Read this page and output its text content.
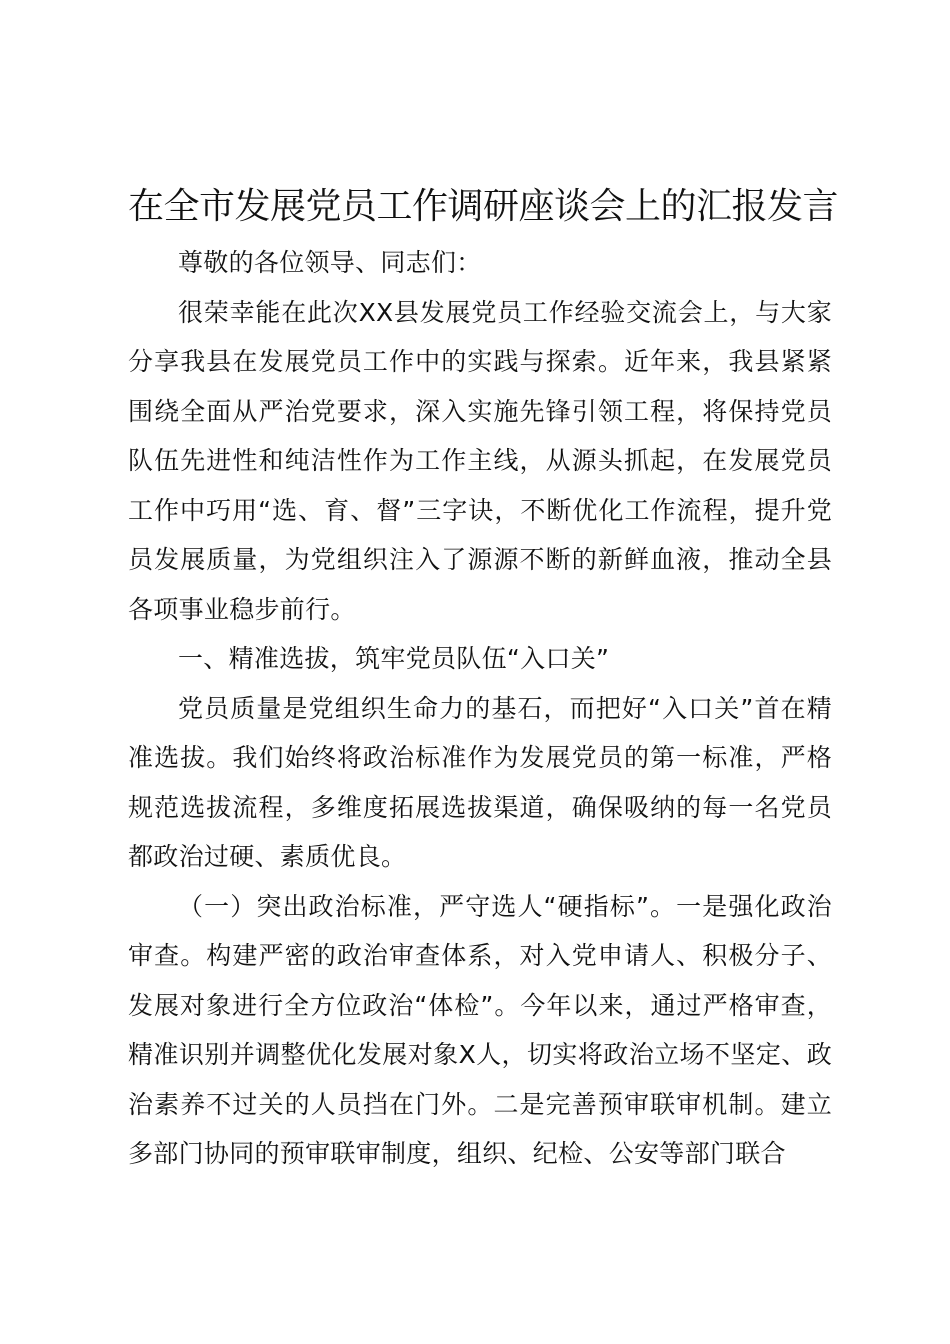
在全市发展党员工作调研座谈会上的汇报发言

尊敬的各位领导、同志们：

很荣幸能在此次XX县发展党员工作经验交流会上，与大家分享我县在发展党员工作中的实践与探索。近年来，我县紧紧围绕全面从严治党要求，深入实施先锋引领工程，将保持党员队伍先进性和纯洁性作为工作主线，从源头抓起，在发展党员工作中巧用“选、育、督”三字诀，不断优化工作流程，提升党员发展质量，为党组织注入了源源不断的新鲜血液，推动全县各项事业稳步前行。

一、精准选拔，筑牢党员队伍“入口关”

党员质量是党组织生命力的基石，而把好“入口关”首在精准选拔。我们始终将政治标准作为发展党员的第一标准，严格规范选拔流程，多维度拓展选拔渠道，确保吸纳的每一名党员都政治过硬、素质优良。

（一）突出政治标准，严守选人“硬指标”。一是强化政治审查。构建严密的政治审查体系，对入党申请人、积极分子、发展对象进行全方位政治“体检”。今年以来，通过严格审查，精准识别并调整优化发展对象X人，切实将政治立场不坚定、政治素养不过关的人员挡在门外。二是完善预审联审机制。建立多部门协同的预审联审制度，组织、纪检、公安等部门联合
